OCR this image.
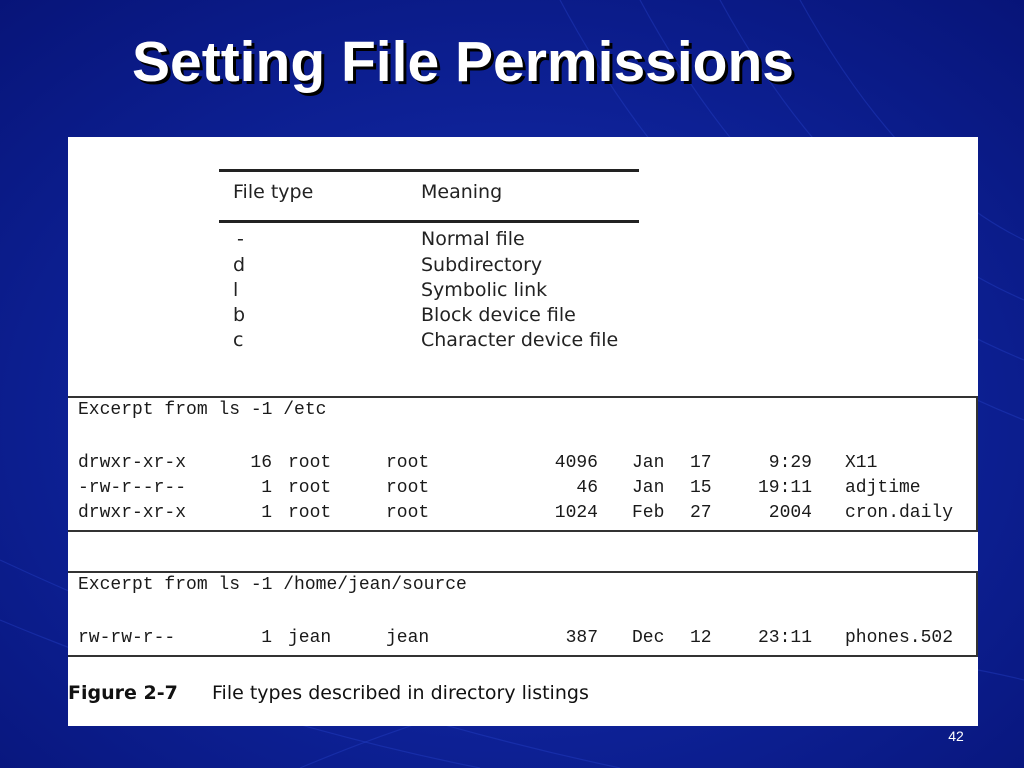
Setting File Permissions
File type	Meaning
-	Normal file
d	Subdirectory
l	Symbolic link
b	Block device file
c	Character device file
Excerpt from ls -1 /etc
drwxr-xr-x	16 root	root	4096 Jan 17	9:29 X11
-rw-r--r--	1 root	root	46 Jan 15	19:11 adjtime
drwxr-xr-x	1 root	root	1024 Feb 27	2004 cron.daily
Excerpt from ls -1 /home/jean/source
rw-rw-r--	1 jean	jean	387 Dec 12	23:11 phones.502
Figure 2-7 File types described in directory listings
42
